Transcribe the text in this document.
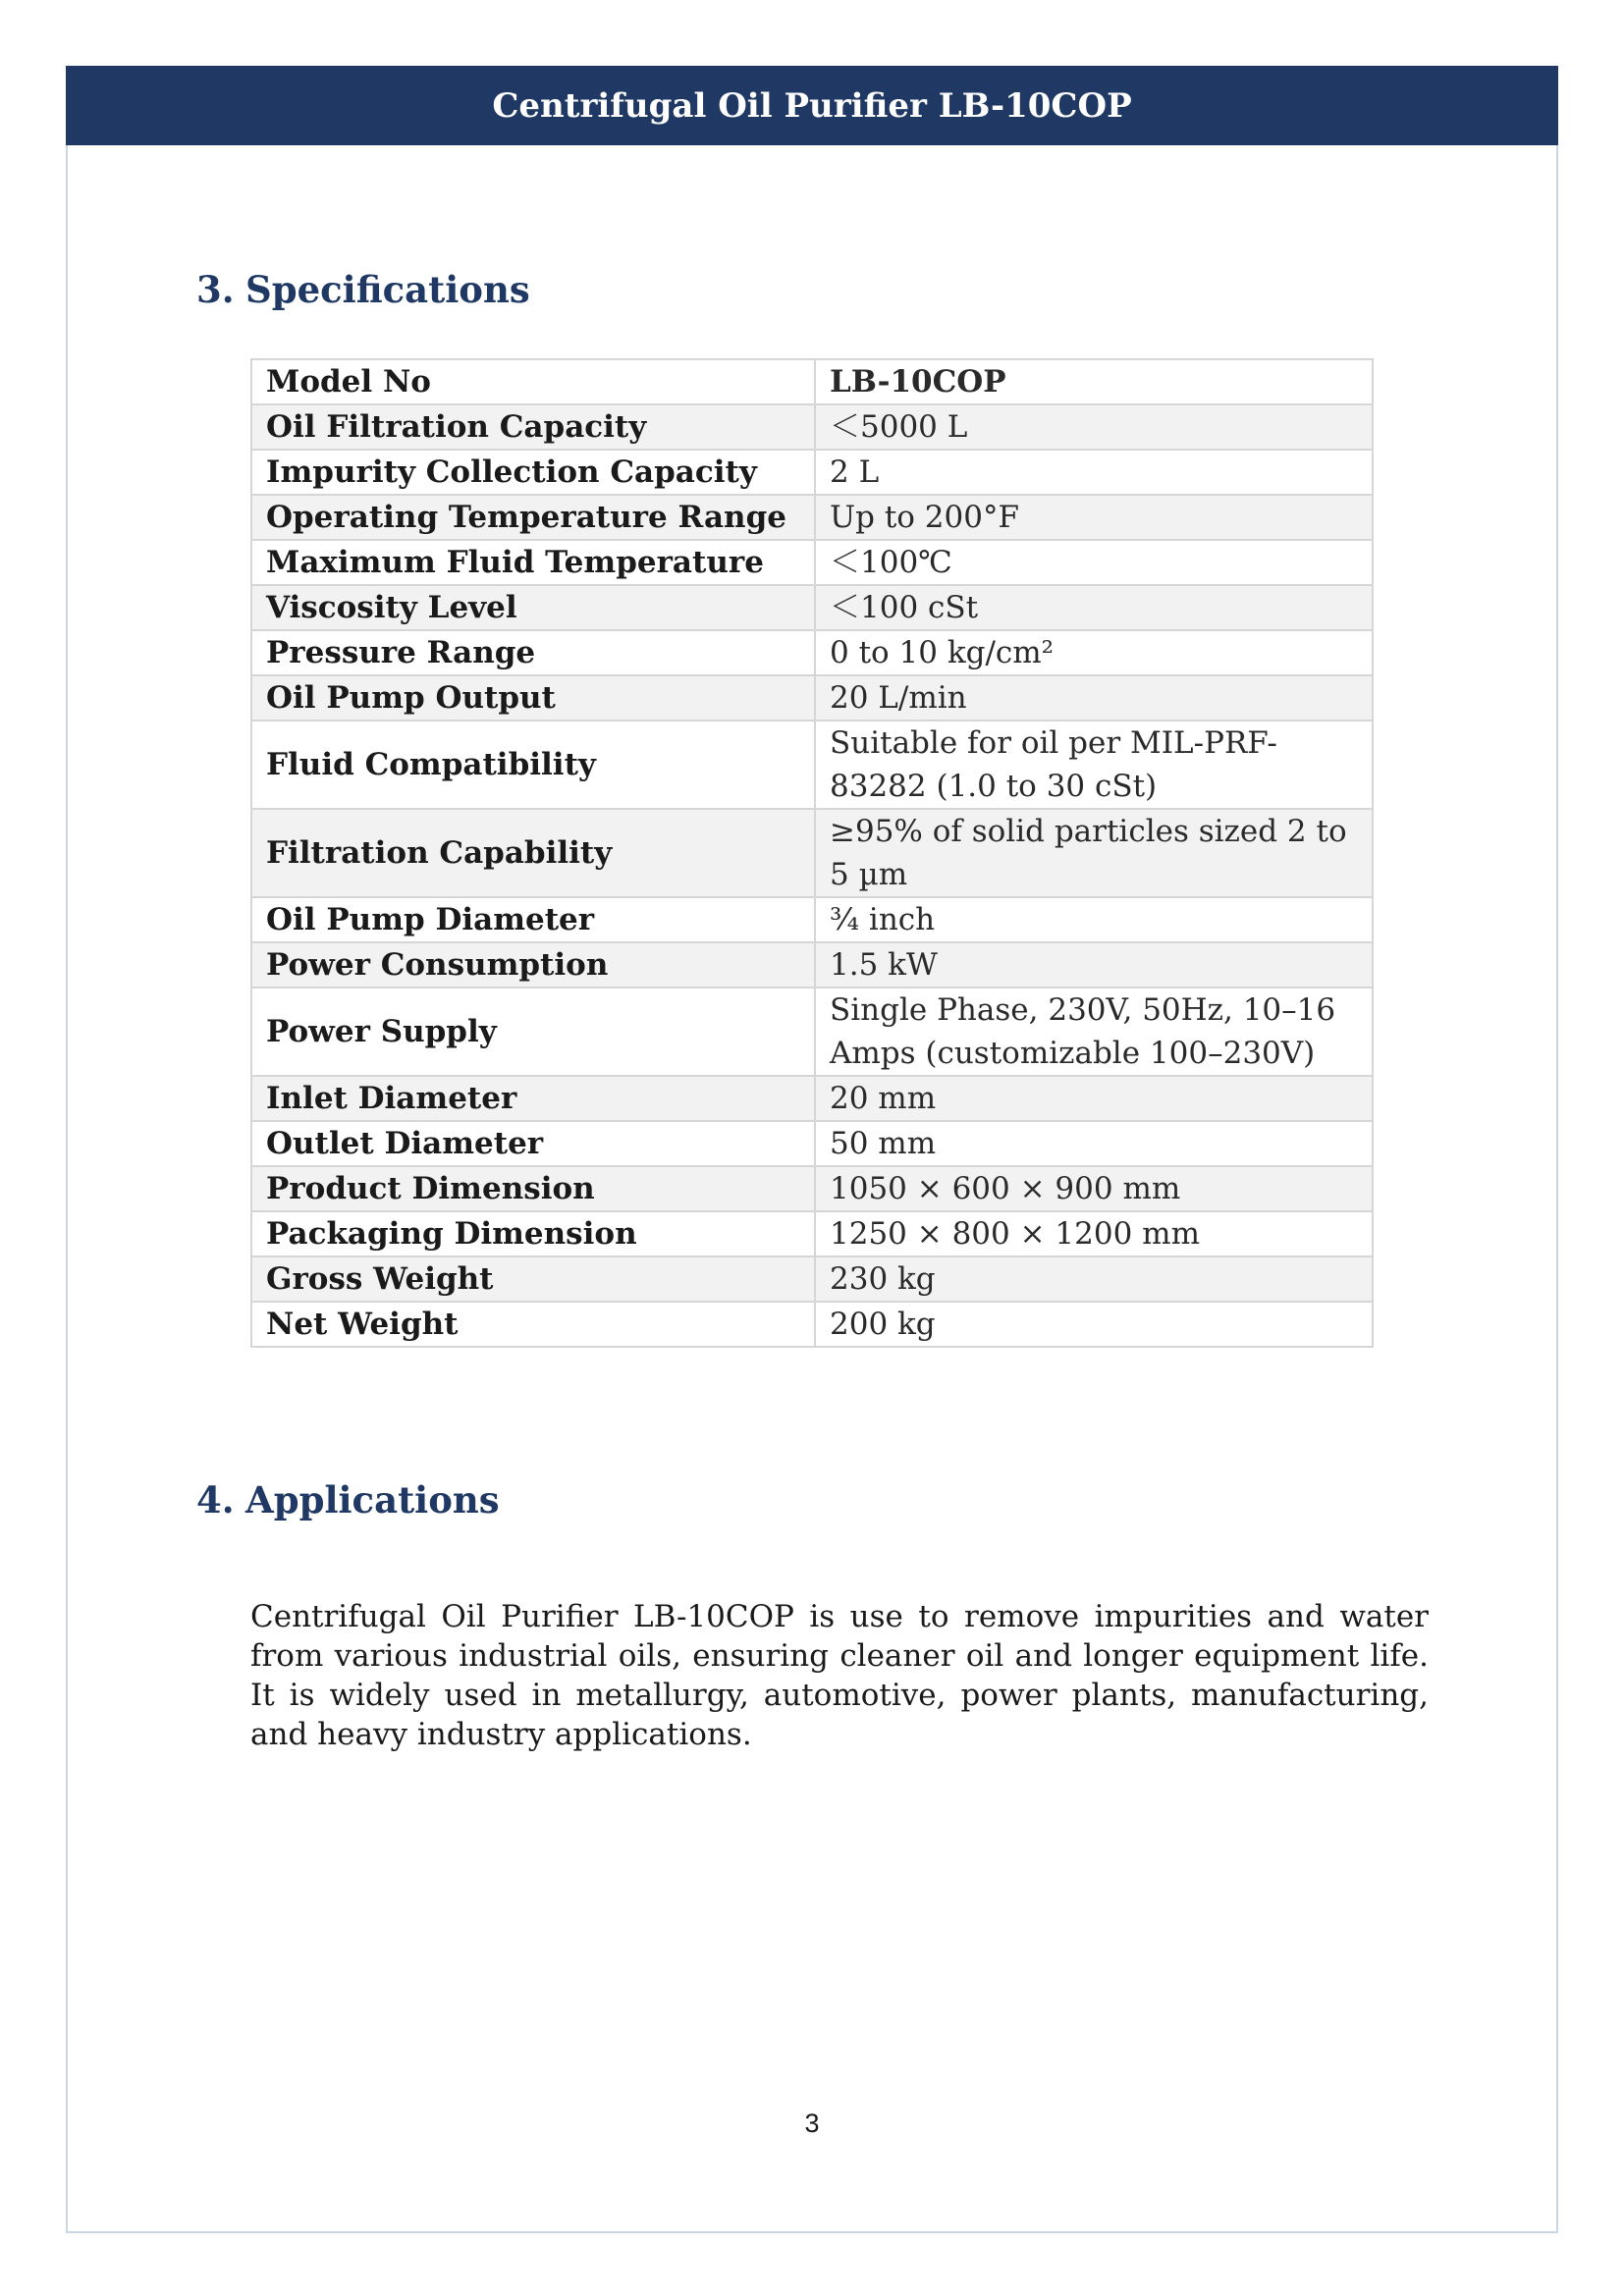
Centrifugal Oil Purifier LB-10COP
3. Specifications
Model No	LB-10COP
Oil Filtration Capacity	＜5000 L
Impurity Collection Capacity	2 L
Operating Temperature Range	Up to 200°F
Maximum Fluid Temperature	＜100℃
Viscosity Level	＜100 cSt
Pressure Range	0 to 10 kg/cm²
Oil Pump Output	20 L/min
Fluid Compatibility	Suitable for oil per MIL-PRF-83282 (1.0 to 30 cSt)
Filtration Capability	≥95% of solid particles sized 2 to 5 µm
Oil Pump Diameter	¾ inch
Power Consumption	1.5 kW
Power Supply	Single Phase, 230V, 50Hz, 10–16 Amps (customizable 100–230V)
Inlet Diameter	20 mm
Outlet Diameter	50 mm
Product Dimension	1050 × 600 × 900 mm
Packaging Dimension	1250 × 800 × 1200 mm
Gross Weight	230 kg
Net Weight	200 kg
4. Applications

Centrifugal Oil Purifier LB-10COP is use to remove impurities and water from various industrial oils, ensuring cleaner oil and longer equipment life. It is widely used in metallurgy, automotive, power plants, manufacturing, and heavy industry applications.

3
